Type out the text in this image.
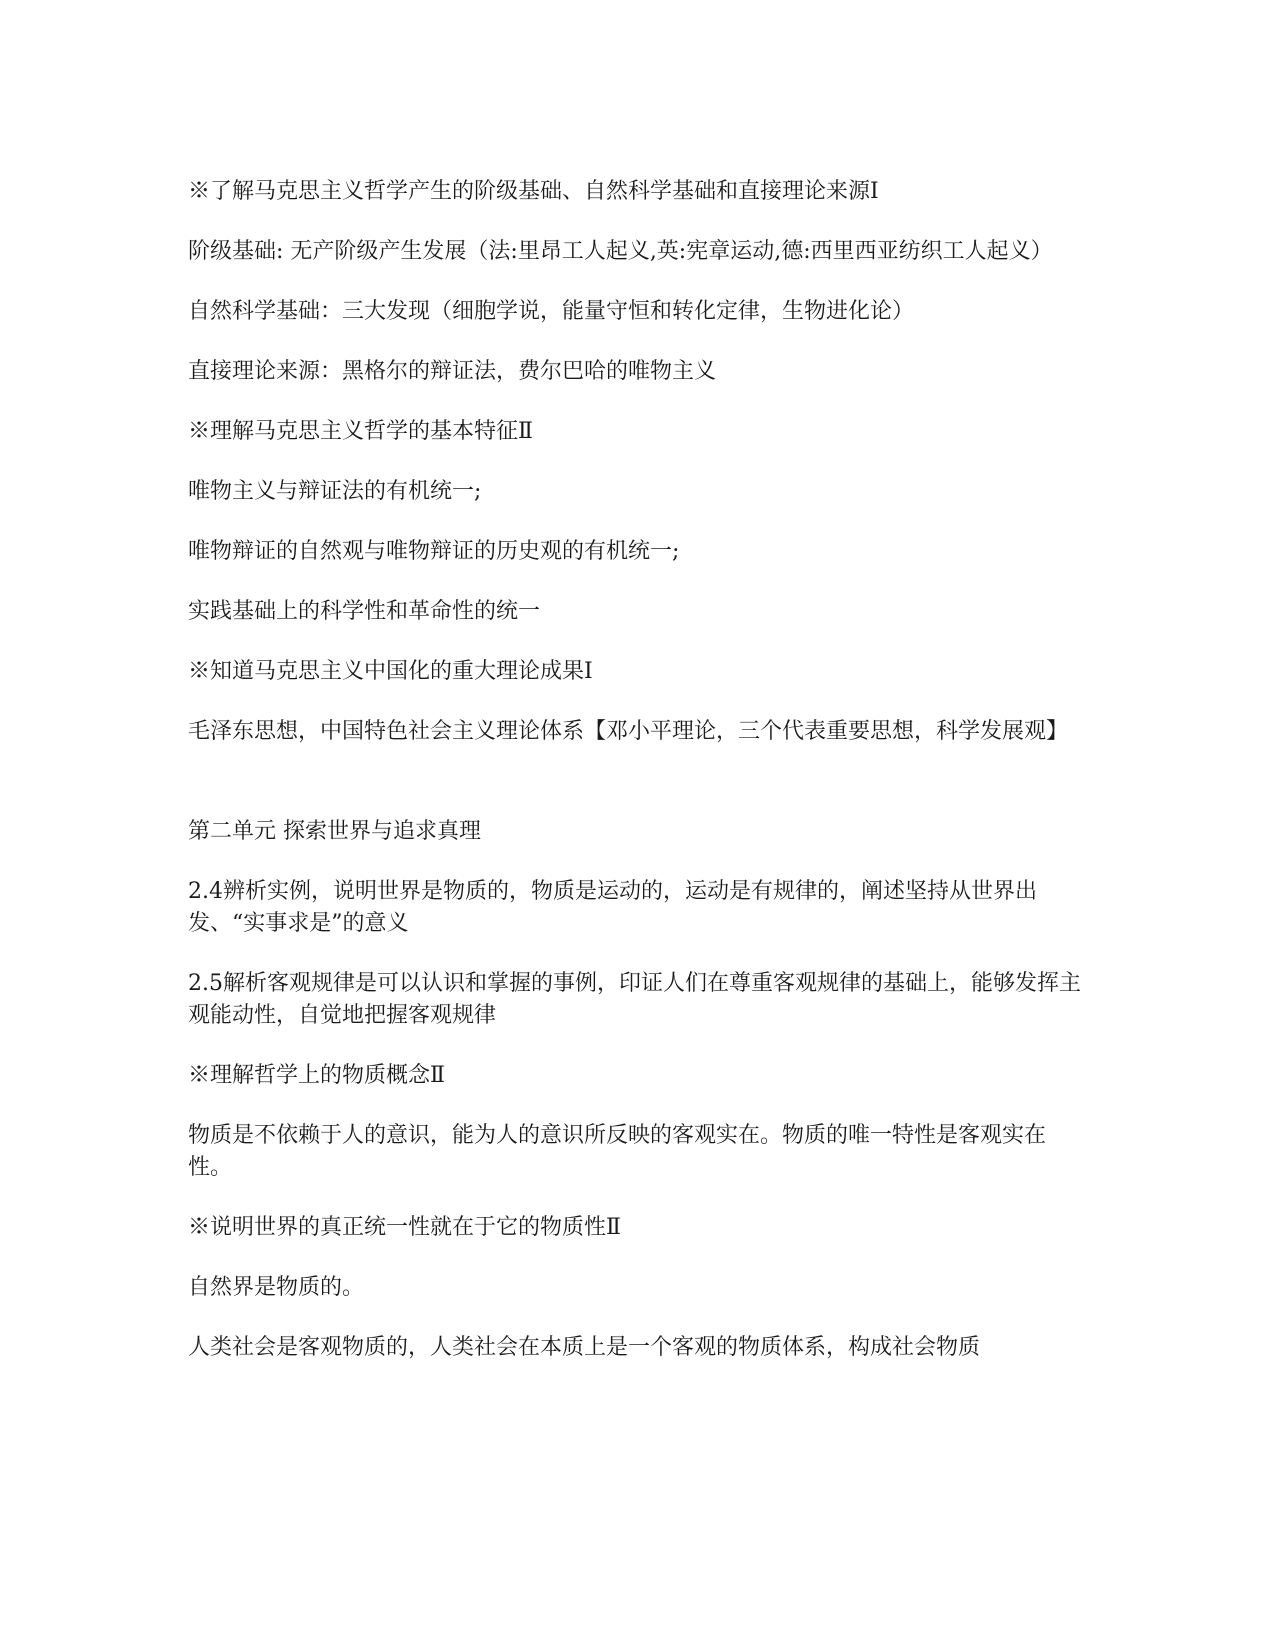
※了解马克思主义哲学产生的阶级基础、自然科学基础和直接理论来源Ⅰ

阶级基础: 无产阶级产生发展（法:里昂工人起义,英:宪章运动,德:西里西亚纺织工人起义）

自然科学基础：三大发现（细胞学说，能量守恒和转化定律，生物进化论）

直接理论来源：黑格尔的辩证法，费尔巴哈的唯物主义

※理解马克思主义哲学的基本特征Ⅱ

唯物主义与辩证法的有机统一;

唯物辩证的自然观与唯物辩证的历史观的有机统一;

实践基础上的科学性和革命性的统一

※知道马克思主义中国化的重大理论成果Ⅰ

毛泽东思想，中国特色社会主义理论体系【邓小平理论，三个代表重要思想，科学发展观】

第二单元 探索世界与追求真理

2.4辨析实例，说明世界是物质的，物质是运动的，运动是有规律的，阐述坚持从世界出发、“实事求是”的意义

2.5解析客观规律是可以认识和掌握的事例，印证人们在尊重客观规律的基础上，能够发挥主观能动性，自觉地把握客观规律

※理解哲学上的物质概念Ⅱ

物质是不依赖于人的意识，能为人的意识所反映的客观实在。物质的唯一特性是客观实在性。

※说明世界的真正统一性就在于它的物质性Ⅱ

自然界是物质的。

人类社会是客观物质的，人类社会在本质上是一个客观的物质体系，构成社会物质
